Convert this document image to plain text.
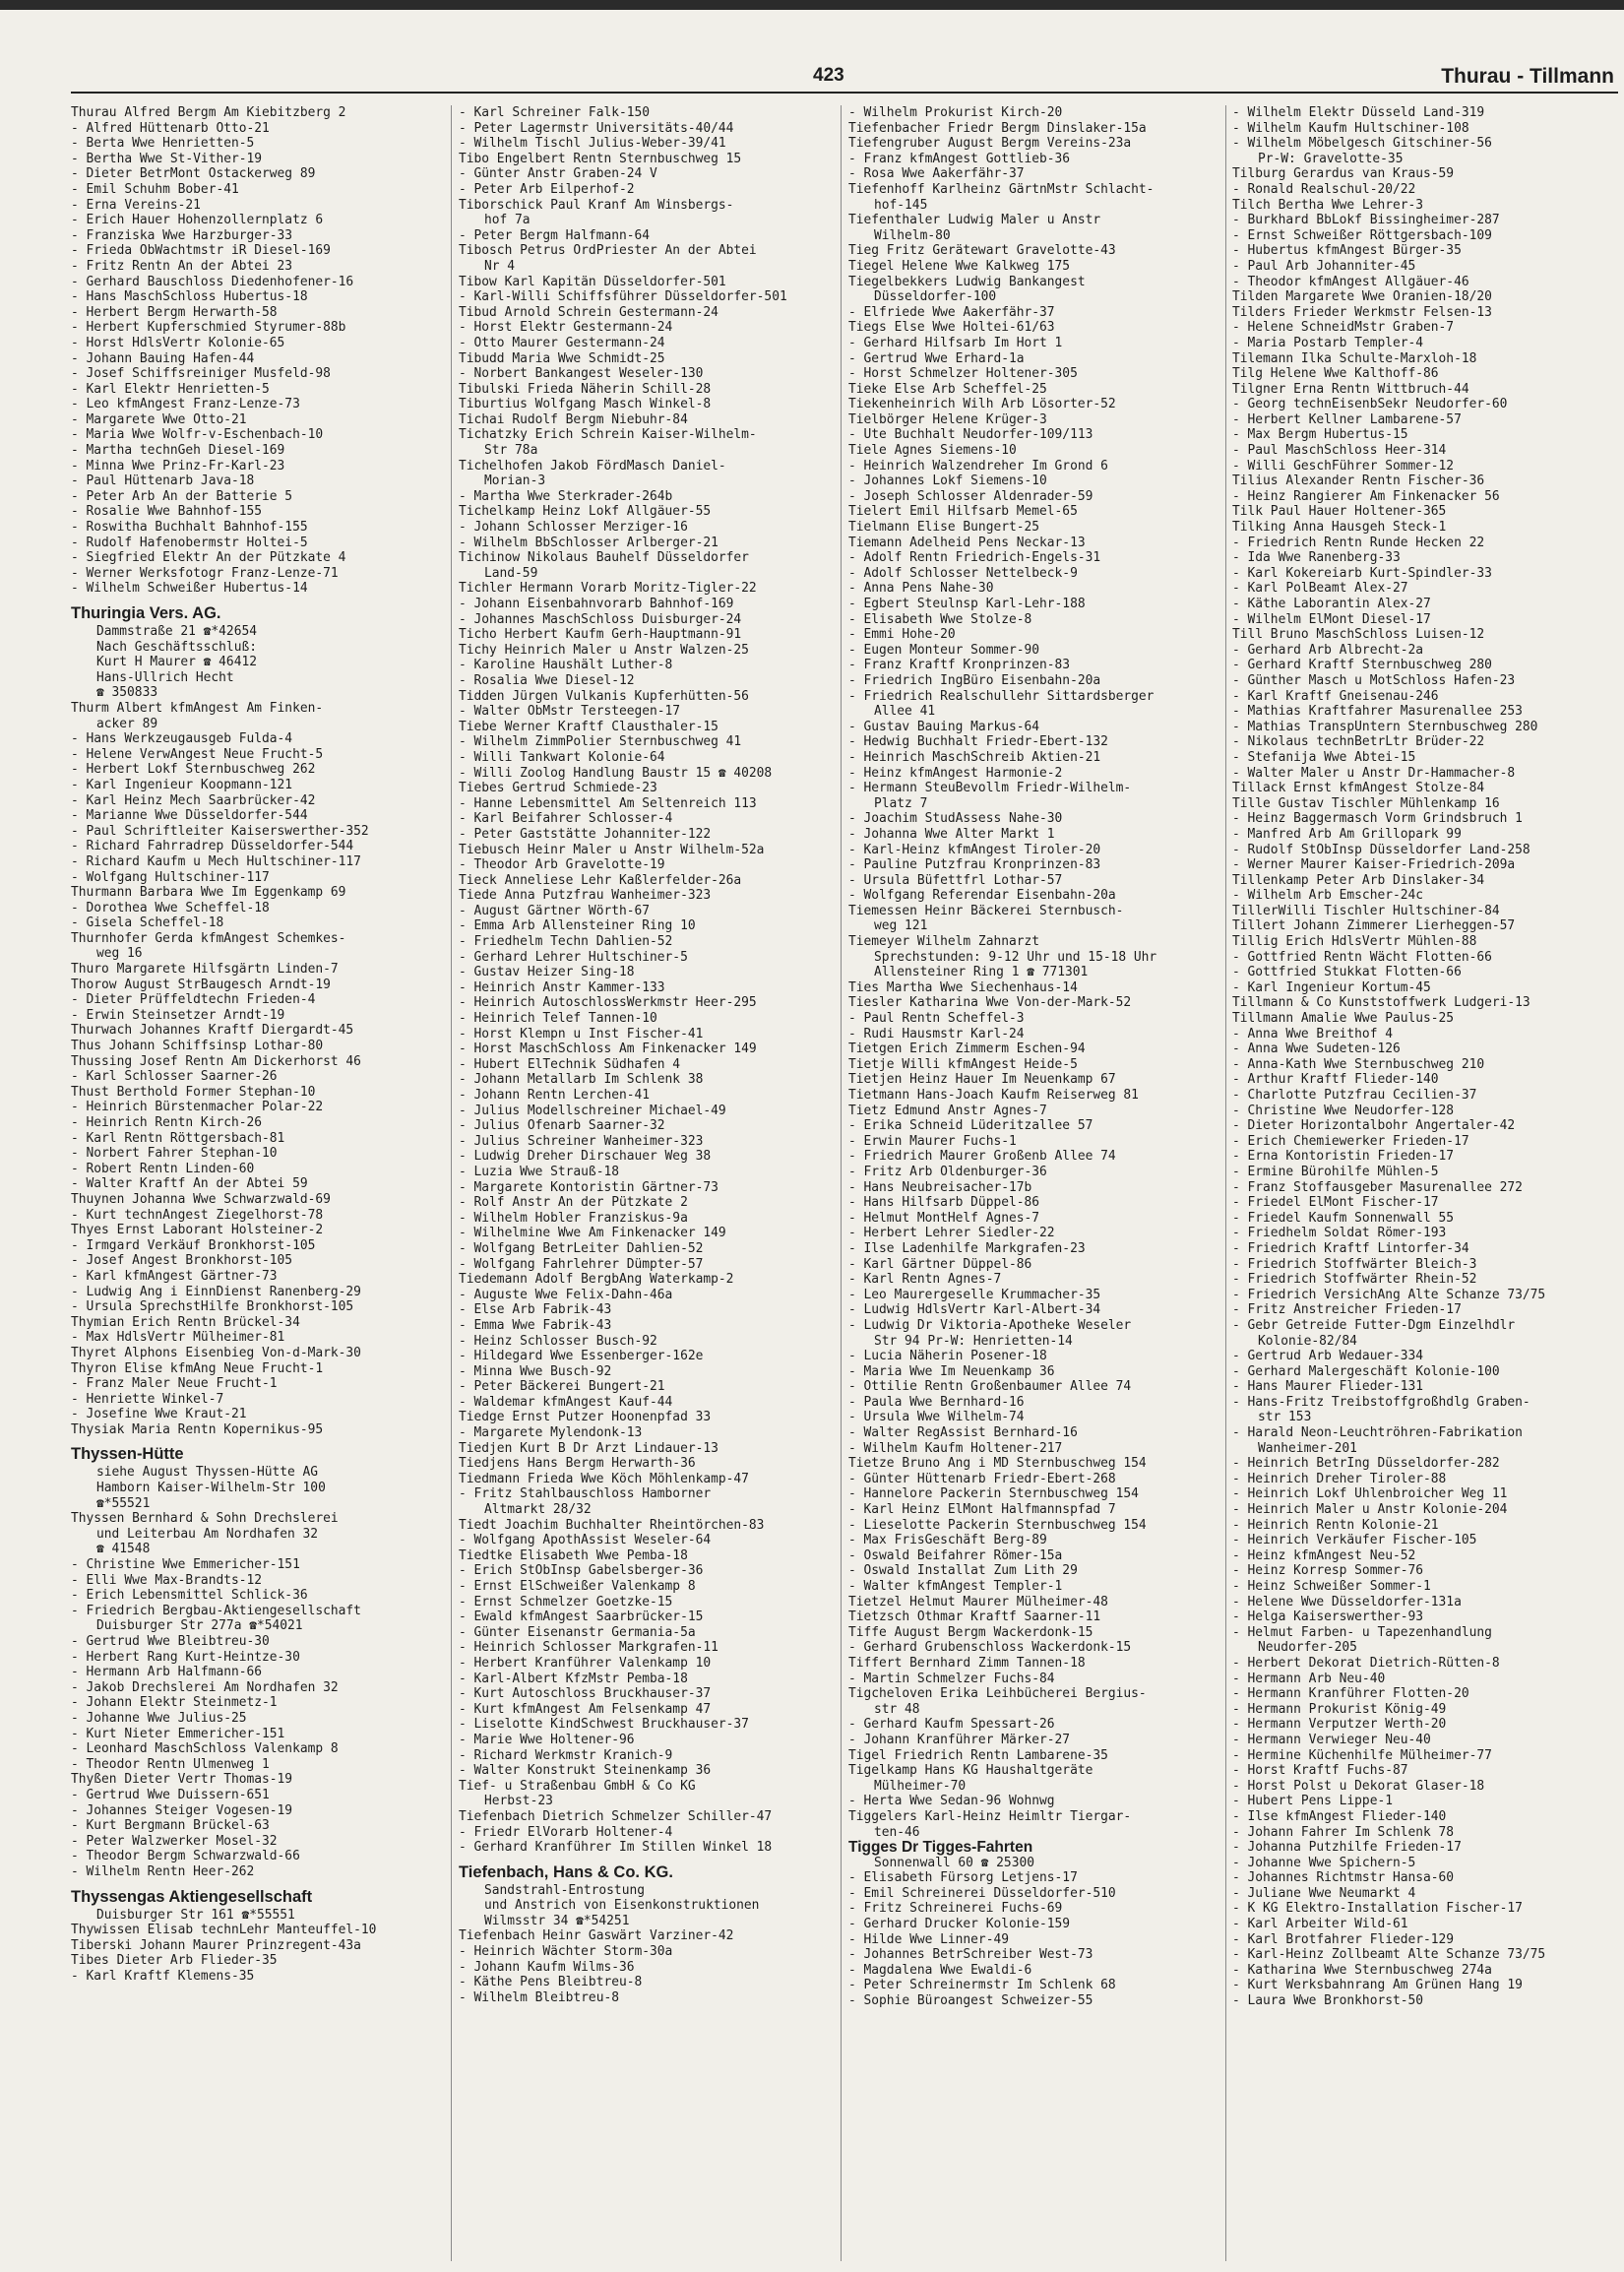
423	Thurau - Tillmann
Thurau Alfred Bergm Am Kiebitzberg 2
- Alfred Hüttenarb Otto-21
- Berta Wwe Henrietten-5
- Bertha Wwe St-Vither-19
- Dieter BetrMont Ostackerweg 89
- Emil Schuhm Bober-41
- Erna Vereins-21
- Erich Hauer Hohenzollernplatz 6
- Franziska Wwe Harzburger-33
- Frieda ObWachtmstr iR Diesel-169
- Fritz Rentn An der Abtei 23
- Gerhard Bauschloss Diedenhofener-16
- Hans MaschSchloss Hubertus-18
- Herbert Bergm Herwarth-58
- Herbert Kupferschmied Styrumer-88b
- Horst HdlsVertr Kolonie-65
- Johann Bauing Hafen-44
- Josef Schiffsreiniger Musfeld-98
- Karl Elektr Henrietten-5
- Leo kfmAngest Franz-Lenze-73
- Margarete Wwe Otto-21
- Maria Wwe Wolfr-v-Eschenbach-10
- Martha technGeh Diesel-169
- Minna Wwe Prinz-Fr-Karl-23
- Paul Hüttenarb Java-18
- Peter Arb An der Batterie 5
- Rosalie Wwe Bahnhof-155
- Roswitha Buchhalt Bahnhof-155
- Rudolf Hafenobermstr Holtei-5
- Siegfried Elektr An der Pützkate 4
- Werner Werksfotogr Franz-Lenze-71
- Wilhelm Schweißer Hubertus-14
Thuringia Vers. AG.
Dammstraße 21 ☎*42654
Nach Geschäftsschluß:
Kurt H Maurer ☎ 46412
Hans-Ullrich Hecht
☎ 350833
Thurm Albert kfmAngest Am Finken-
acker 89
- Hans Werkzeugausgeb Fulda-4
- Helene VerwAngest Neue Frucht-5
- Herbert Lokf Sternbuschweg 262
- Karl Ingenieur Koopmann-121
- Karl Heinz Mech Saarbrücker-42
- Marianne Wwe Düsseldorfer-544
- Paul Schriftleiter Kaiserswerther-352
- Richard Fahrradrep Düsseldorfer-544
- Richard Kaufm u Mech Hultschiner-117
- Wolfgang Hultschiner-117
Thurmann Barbara Wwe Im Eggenkamp 69
- Dorothea Wwe Scheffel-18
- Gisela Scheffel-18
Thurnhofer Gerda kfmAngest Schemkes-
weg 16
Thuro Margarete Hilfsgärtn Linden-7
Thorow August StrBaugesch Arndt-19
- Dieter Prüffeldtechn Frieden-4
- Erwin Steinsetzer Arndt-19
Thurwach Johannes Kraftf Diergardt-45
Thus Johann Schiffsinsp Lothar-80
Thussing Josef Rentn Am Dickerhorst 46
- Karl Schlosser Saarner-26
Thust Berthold Former Stephan-10
- Heinrich Bürstenmacher Polar-22
- Heinrich Rentn Kirch-26
- Karl Rentn Röttgersbach-81
- Norbert Fahrer Stephan-10
- Robert Rentn Linden-60
- Walter Kraftf An der Abtei 59
Thuynen Johanna Wwe Schwarzwald-69
- Kurt technAngest Ziegelhorst-78
Thyes Ernst Laborant Holsteiner-2
- Irmgard Verkäuf Bronkhorst-105
- Josef Angest Bronkhorst-105
- Karl kfmAngest Gärtner-73
- Ludwig Ang i EinnDienst Ranenberg-29
- Ursula SprechstHilfe Bronkhorst-105
Thymian Erich Rentn Brückel-34
- Max HdlsVertr Mülheimer-81
Thyret Alphons Eisenbieg Von-d-Mark-30
Thyron Elise kfmAng Neue Frucht-1
- Franz Maler Neue Frucht-1
- Henriette Winkel-7
- Josefine Wwe Kraut-21
Thysiak Maria Rentn Kopernikus-95
Thyssen-Hütte
siehe August Thyssen-Hütte AG
Hamborn Kaiser-Wilhelm-Str 100
☎*55521
Thyssen Bernhard & Sohn Drechslerei
und Leiterbau Am Nordhafen 32
☎ 41548
- Christine Wwe Emmericher-151
- Elli Wwe Max-Brandts-12
- Erich Lebensmittel Schlick-36
- Friedrich Bergbau-Aktiengesellschaft
Duisburger Str 277a ☎*54021
- Gertrud Wwe Bleibtreu-30
- Herbert Rang Kurt-Heintze-30
- Hermann Arb Halfmann-66
- Jakob Drechslerei Am Nordhafen 32
- Johann Elektr Steinmetz-1
- Johanne Wwe Julius-25
- Kurt Nieter Emmericher-151
- Leonhard MaschSchloss Valenkamp 8
- Theodor Rentn Ulmenweg 1
Thyßen Dieter Vertr Thomas-19
- Gertrud Wwe Duissern-651
- Johannes Steiger Vogesen-19
- Kurt Bergmann Brückel-63
- Peter Walzwerker Mosel-32
- Theodor Bergm Schwarzwald-66
- Wilhelm Rentn Heer-262
Thyssengas Aktiengesellschaft
Duisburger Str 161 ☎*55551
Thywissen Elisab technLehr Manteuffel-10
Tiberski Johann Maurer Prinzregent-43a
Tibes Dieter Arb Flieder-35
- Karl Kraftf Klemens-35
- Karl Schreiner Falk-150
- Peter Lagermstr Universitäts-40/44
- Wilhelm Tischl Julius-Weber-39/41
Tibo Engelbert Rentn Sternbuschweg 15
- Günter Anstr Graben-24 V
- Peter Arb Eilperhof-2
Tiborschick Paul Kranf Am Winsbergs-
hof 7a
- Peter Bergm Halfmann-64
Tibosch Petrus OrdPriester An der Abtei
Nr 4
Tibow Karl Kapitän Düsseldorfer-501
- Karl-Willi Schiffsführer Düsseldorfer-501
Tibud Arnold Schrein Gestermann-24
- Horst Elektr Gestermann-24
- Otto Maurer Gestermann-24
Tibudd Maria Wwe Schmidt-25
- Norbert Bankangest Weseler-130
Tibulski Frieda Näherin Schill-28
Tiburtius Wolfgang Masch Winkel-8
Tichai Rudolf Bergm Niebuhr-84
Tichatzky Erich Schrein Kaiser-Wilhelm-
Str 78a
Tichelhofen Jakob FördMasch Daniel-
Morian-3
- Martha Wwe Sterkrader-264b
Tichelkamp Heinz Lokf Allgäuer-55
- Johann Schlosser Merziger-16
- Wilhelm BbSchlosser Arlberger-21
Tichinow Nikolaus Bauhelf Düsseldorfer
Land-59
Tichler Hermann Vorarb Moritz-Tigler-22
- Johann Eisenbahnvorarb Bahnhof-169
- Johannes MaschSchloss Duisburger-24
Ticho Herbert Kaufm Gerh-Hauptmann-91
Tichy Heinrich Maler u Anstr Walzen-25
- Karoline Haushält Luther-8
- Rosalia Wwe Diesel-12
Tidden Jürgen Vulkanis Kupferhütten-56
- Walter ObMstr Tersteegen-17
Tiebe Werner Kraftf Clausthaler-15
- Wilhelm ZimmPolier Sternbuschweg 41
- Willi Tankwart Kolonie-64
- Willi Zoolog Handlung Baustr 15 ☎ 40208
Tiebes Gertrud Schmiede-23
- Hanne Lebensmittel Am Seltenreich 113
- Karl Beifahrer Schlosser-4
- Peter Gaststätte Johanniter-122
Tiebusch Heinr Maler u Anstr Wilhelm-52a
- Theodor Arb Gravelotte-19
Tieck Anneliese Lehr Kaßlerfelder-26a
Tiede Anna Putzfrau Wanheimer-323
- August Gärtner Wörth-67
- Emma Arb Allensteiner Ring 10
- Friedhelm Techn Dahlien-52
- Gerhard Lehrer Hultschiner-5
- Gustav Heizer Sing-18
- Heinrich Anstr Kammer-133
- Heinrich AutoschlossWerkmstr Heer-295
- Heinrich Telef Tannen-10
- Horst Klempn u Inst Fischer-41
- Horst MaschSchloss Am Finkenacker 149
- Hubert ElTechnik Südhafen 4
- Johann Metallarb Im Schlenk 38
- Johann Rentn Lerchen-41
- Julius Modellschreiner Michael-49
- Julius Ofenarb Saarner-32
- Julius Schreiner Wanheimer-323
- Ludwig Dreher Dirschauer Weg 38
- Luzia Wwe Strauß-18
- Margarete Kontoristin Gärtner-73
- Rolf Anstr An der Pützkate 2
- Wilhelm Hobler Franziskus-9a
- Wilhelmine Wwe Am Finkenacker 149
- Wolfgang BetrLeiter Dahlien-52
- Wolfgang Fahrlehrer Dümpter-57
Tiedemann Adolf BergbAng Waterkamp-2
- Auguste Wwe Felix-Dahn-46a
- Else Arb Fabrik-43
- Emma Wwe Fabrik-43
- Heinz Schlosser Busch-92
- Hildegard Wwe Essenberger-162e
- Minna Wwe Busch-92
- Peter Bäckerei Bungert-21
- Waldemar kfmAngest Kauf-44
Tiedge Ernst Putzer Hoonenpfad 33
- Margarete Mylendonk-13
Tiedjen Kurt B Dr Arzt Lindauer-13
Tiedjens Hans Bergm Herwarth-36
Tiedmann Frieda Wwe Köch Möhlenkamp-47
- Fritz Stahlbauschloss Hamborner
Altmarkt 28/32
Tiedt Joachim Buchhalter Rheintörchen-83
- Wolfgang ApothAssist Weseler-64
Tiedtke Elisabeth Wwe Pemba-18
- Erich StObInsp Gabelsberger-36
- Ernst ElSchweißer Valenkamp 8
- Ernst Schmelzer Goetzke-15
- Ewald kfmAngest Saarbrücker-15
- Günter Eisenanstr Germania-5a
- Heinrich Schlosser Markgrafen-11
- Herbert Kranführer Valenkamp 10
- Karl-Albert KfzMstr Pemba-18
- Kurt Autoschloss Bruckhauser-37
- Kurt kfmAngest Am Felsenkamp 47
- Liselotte KindSchwest Bruckhauser-37
- Marie Wwe Holtener-96
- Richard Werkmstr Kranich-9
- Walter Konstrukt Steinenkamp 36
Tief- u Straßenbau GmbH & Co KG
Herbst-23
Tiefenbach Dietrich Schmelzer Schiller-47
- Friedr ElVorarb Holtener-4
- Gerhard Kranführer Im Stillen Winkel 18
Tiefenbach, Hans & Co. KG.
Sandstrahl-Entrostung
und Anstrich von Eisenkonstruktionen
Wilmsstr 34 ☎*54251
Tiefenbach Heinr Gaswärt Varziner-42
- Heinrich Wächter Storm-30a
- Johann Kaufm Wilms-36
- Käthe Pens Bleibtreu-8
- Wilhelm Bleibtreu-8
- Wilhelm Prokurist Kirch-20
Tiefenbacher Friedr Bergm Dinslaker-15a
Tiefengruber August Bergm Vereins-23a
- Franz kfmAngest Gottlieb-36
- Rosa Wwe Aakerfähr-37
Tiefenhoff Karlheinz GärtnMstr Schlacht-
hof-145
Tiefenthaler Ludwig Maler u Anstr
Wilhelm-80
Tieg Fritz Gerätewart Gravelotte-43
Tiegel Helene Wwe Kalkweg 175
Tiegelbekkers Ludwig Bankangest
Düsseldorfer-100
- Elfriede Wwe Aakerfähr-37
Tiegs Else Wwe Holtei-61/63
- Gerhard Hilfsarb Im Hort 1
- Gertrud Wwe Erhard-1a
- Horst Schmelzer Holtener-305
Tieke Else Arb Scheffel-25
Tiekenheinrich Wilh Arb Lösorter-52
Tielbörger Helene Krüger-3
- Ute Buchhalt Neudorfer-109/113
Tiele Agnes Siemens-10
- Heinrich Walzendreher Im Grond 6
- Johannes Lokf Siemens-10
- Joseph Schlosser Aldenrader-59
Tielert Emil Hilfsarb Memel-65
Tielmann Elise Bungert-25
Tiemann Adelheid Pens Neckar-13
- Adolf Rentn Friedrich-Engels-31
- Adolf Schlosser Nettelbeck-9
- Anna Pens Nahe-30
- Egbert Steulnsp Karl-Lehr-188
- Elisabeth Wwe Stolze-8
- Emmi Hohe-20
- Eugen Monteur Sommer-90
- Franz Kraftf Kronprinzen-83
- Friedrich IngBüro Eisenbahn-20a
- Friedrich Realschullehr Sittardsberger
Allee 41
- Gustav Bauing Markus-64
- Hedwig Buchhalt Friedr-Ebert-132
- Heinrich MaschSchreib Aktien-21
- Heinz kfmAngest Harmonie-2
- Hermann SteuBevollm Friedr-Wilhelm-
Platz 7
- Joachim StudAssess Nahe-30
- Johanna Wwe Alter Markt 1
- Karl-Heinz kfmAngest Tiroler-20
- Pauline Putzfrau Kronprinzen-83
- Ursula Büfettfrl Lothar-57
- Wolfgang Referendar Eisenbahn-20a
Tiemessen Heinr Bäckerei Sternbusch-
weg 121
Tiemeyer Wilhelm Zahnarzt
Sprechstunden: 9-12 Uhr und 15-18 Uhr
Allensteiner Ring 1 ☎ 771301
Ties Martha Wwe Siechenhaus-14
Tiesler Katharina Wwe Von-der-Mark-52
- Paul Rentn Scheffel-3
- Rudi Hausmstr Karl-24
Tietgen Erich Zimmerm Eschen-94
Tietje Willi kfmAngest Heide-5
Tietjen Heinz Hauer Im Neuenkamp 67
Tietmann Hans-Joach Kaufm Reiserweg 81
Tietz Edmund Anstr Agnes-7
- Erika Schneid Lüderitzallee 57
- Erwin Maurer Fuchs-1
- Friedrich Maurer Großenb Allee 74
- Fritz Arb Oldenburger-36
- Hans Neubreisacher-17b
- Hans Hilfsarb Düppel-86
- Helmut MontHelf Agnes-7
- Herbert Lehrer Siedler-22
- Ilse Ladenhilfe Markgrafen-23
- Karl Gärtner Düppel-86
- Karl Rentn Agnes-7
- Leo Maurergeselle Krummacher-35
- Ludwig HdlsVertr Karl-Albert-34
- Ludwig Dr Viktoria-Apotheke Weseler
Str 94 Pr-W: Henrietten-14
- Lucia Näherin Posener-18
- Maria Wwe Im Neuenkamp 36
- Ottilie Rentn Großenbaumer Allee 74
- Paula Wwe Bernhard-16
- Ursula Wwe Wilhelm-74
- Walter RegAssist Bernhard-16
- Wilhelm Kaufm Holtener-217
Tietze Bruno Ang i MD Sternbuschweg 154
- Günter Hüttenarb Friedr-Ebert-268
- Hannelore Packerin Sternbuschweg 154
- Karl Heinz ElMont Halfmannspfad 7
- Lieselotte Packerin Sternbuschweg 154
- Max FrisGeschäft Berg-89
- Oswald Beifahrer Römer-15a
- Oswald Installat Zum Lith 29
- Walter kfmAngest Templer-1
Tietzel Helmut Maurer Mülheimer-48
Tietzsch Othmar Kraftf Saarner-11
Tiffe August Bergm Wackerdonk-15
- Gerhard Grubenschloss Wackerdonk-15
Tiffert Bernhard Zimm Tannen-18
- Martin Schmelzer Fuchs-84
Tigcheloven Erika Leihbücherei Bergius-
str 48
- Gerhard Kaufm Spessart-26
- Johann Kranführer Märker-27
Tigel Friedrich Rentn Lambarene-35
Tigelkamp Hans KG Haushaltgeräte
Mülheimer-70
- Herta Wwe Sedan-96 Wohnwg
Tiggelers Karl-Heinz Heimltr Tiergar-
ten-46
Tigges Dr Tigges-Fahrten
Sonnenwall 60 ☎ 25300
- Elisabeth Fürsorg Letjens-17
- Emil Schreinerei Düsseldorfer-510
- Fritz Schreinerei Fuchs-69
- Gerhard Drucker Kolonie-159
- Hilde Wwe Linner-49
- Johannes BetrSchreiber West-73
- Magdalena Wwe Ewaldi-6
- Peter Schreinermstr Im Schlenk 68
- Sophie Büroangest Schweizer-55
- Wilhelm Elektr Düsseld Land-319
- Wilhelm Kaufm Hultschiner-108
- Wilhelm Möbelgesch Gitschiner-56
Pr-W: Gravelotte-35
Tilburg Gerardus van Kraus-59
- Ronald Realschul-20/22
Tilch Bertha Wwe Lehrer-3
- Burkhard BbLokf Bissingheimer-287
- Ernst Schweißer Röttgersbach-109
- Hubertus kfmAngest Bürger-35
- Paul Arb Johanniter-45
- Theodor kfmAngest Allgäuer-46
Tilden Margarete Wwe Oranien-18/20
Tilders Frieder Werkmstr Felsen-13
- Helene SchneidMstr Graben-7
- Maria Postarb Templer-4
Tilemann Ilka Schulte-Marxloh-18
Tilg Helene Wwe Kalthoff-86
Tilgner Erna Rentn Wittbruch-44
- Georg technEisenbSekr Neudorfer-60
- Herbert Kellner Lambarene-57
- Max Bergm Hubertus-15
- Paul MaschSchloss Heer-314
- Willi GeschFührer Sommer-12
Tilius Alexander Rentn Fischer-36
- Heinz Rangierer Am Finkenacker 56
Tilk Paul Hauer Holtener-365
Tilking Anna Hausgeh Steck-1
- Friedrich Rentn Runde Hecken 22
- Ida Wwe Ranenberg-33
- Karl Kokereiarb Kurt-Spindler-33
- Karl PolBeamt Alex-27
- Käthe Laborantin Alex-27
- Wilhelm ElMont Diesel-17
Till Bruno MaschSchloss Luisen-12
- Gerhard Arb Albrecht-2a
- Gerhard Kraftf Sternbuschweg 280
- Günther Masch u MotSchloss Hafen-23
- Karl Kraftf Gneisenau-246
- Mathias Kraftfahrer Masurenallee 253
- Mathias TranspUntern Sternbuschweg 280
- Nikolaus technBetrLtr Brüder-22
- Stefanija Wwe Abtei-15
- Walter Maler u Anstr Dr-Hammacher-8
Tillack Ernst kfmAngest Stolze-84
Tille Gustav Tischler Mühlenkamp 16
- Heinz Baggermasch Vorm Grindsbruch 1
- Manfred Arb Am Grillopark 99
- Rudolf StObInsp Düsseldorfer Land-258
- Werner Maurer Kaiser-Friedrich-209a
Tillenkamp Peter Arb Dinslaker-34
- Wilhelm Arb Emscher-24c
TillerWilli Tischler Hultschiner-84
Tillert Johann Zimmerer Lierheggen-57
Tillig Erich HdlsVertr Mühlen-88
- Gottfried Rentn Wächt Flotten-66
- Gottfried Stukkat Flotten-66
- Karl Ingenieur Kortum-45
Tillmann & Co Kunststoffwerk Ludgeri-13
Tillmann Amalie Wwe Paulus-25
- Anna Wwe Breithof 4
- Anna Wwe Sudeten-126
- Anna-Kath Wwe Sternbuschweg 210
- Arthur Kraftf Flieder-140
- Charlotte Putzfrau Cecilien-37
- Christine Wwe Neudorfer-128
- Dieter Horizontalbohr Angertaler-42
- Erich Chemiewerker Frieden-17
- Erna Kontoristin Frieden-17
- Ermine Bürohilfe Mühlen-5
- Franz Stoffausgeber Masurenallee 272
- Friedel ElMont Fischer-17
- Friedel Kaufm Sonnenwall 55
- Friedhelm Soldat Römer-193
- Friedrich Kraftf Lintorfer-34
- Friedrich Stoffwärter Bleich-3
- Friedrich Stoffwärter Rhein-52
- Friedrich VersichAng Alte Schanze 73/75
- Fritz Anstreicher Frieden-17
- Gebr Getreide Futter-Dgm Einzelhdlr
Kolonie-82/84
- Gertrud Arb Wedauer-334
- Gerhard Malergeschäft Kolonie-100
- Hans Maurer Flieder-131
- Hans-Fritz Treibstoffgroßhdlg Graben-
str 153
- Harald Neon-Leuchtröhren-Fabrikation
Wanheimer-201
- Heinrich BetrIng Düsseldorfer-282
- Heinrich Dreher Tiroler-88
- Heinrich Lokf Uhlenbroicher Weg 11
- Heinrich Maler u Anstr Kolonie-204
- Heinrich Rentn Kolonie-21
- Heinrich Verkäufer Fischer-105
- Heinz kfmAngest Neu-52
- Heinz Korresp Sommer-76
- Heinz Schweißer Sommer-1
- Helene Wwe Düsseldorfer-131a
- Helga Kaiserswerther-93
- Helmut Farben- u Tapezenhandlung
Neudorfer-205
- Herbert Dekorat Dietrich-Rütten-8
- Hermann Arb Neu-40
- Hermann Kranführer Flotten-20
- Hermann Prokurist König-49
- Hermann Verputzer Werth-20
- Hermann Verwieger Neu-40
- Hermine Küchenhilfe Mülheimer-77
- Horst Kraftf Fuchs-87
- Horst Polst u Dekorat Glaser-18
- Hubert Pens Lippe-1
- Ilse kfmAngest Flieder-140
- Johann Fahrer Im Schlenk 78
- Johanna Putzhilfe Frieden-17
- Johanne Wwe Spichern-5
- Johannes Richtmstr Hansa-60
- Juliane Wwe Neumarkt 4
- K KG Elektro-Installation Fischer-17
- Karl Arbeiter Wild-61
- Karl Brotfahrer Flieder-129
- Karl-Heinz Zollbeamt Alte Schanze 73/75
- Katharina Wwe Sternbuschweg 274a
- Kurt Werksbahnrang Am Grünen Hang 19
- Laura Wwe Bronkhorst-50
